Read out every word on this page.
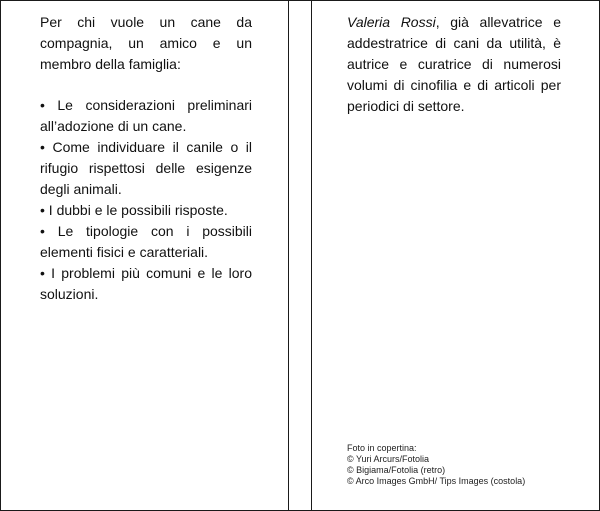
Per chi vuole un cane da compagnia, un amico e un membro della famiglia:

• Le considerazioni preliminari all’adozione di un cane.
• Come individuare il canile o il rifugio rispettosi delle esigenze degli animali.
• I dubbi e le possibili risposte.
• Le tipologie con i possibili elementi fisici e caratteriali.
• I problemi più comuni e le loro soluzioni.
Valeria Rossi, già allevatrice e addestratrice di cani da utilità, è autrice e curatrice di numerosi volumi di cinofilia e di articoli per periodici di settore.
Foto in copertina:
© Yuri Arcurs/Fotolia
© Bigiama/Fotolia (retro)
© Arco Images GmbH/ Tips Images (costola)
